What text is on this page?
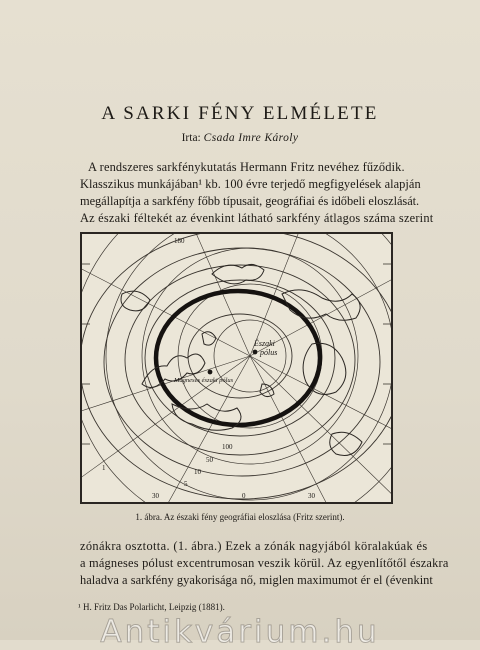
A SARKI FÉNY ELMÉLETE
Irta: Csada Imre Károly
A rendszeres sarkfénykutatás Hermann Fritz nevéhez fűződik.
Klasszikus munkájában¹ kb. 100 évre terjedő megfigyelések alapján
megállapítja a sarkfény főbb típusait, geográfiai és időbeli eloszlását.
Az északi féltekét az évenkint látható sarkfény átlagos száma szerint
Északi
pólus
Mágneses északi pólus
180
30	0	30
100
50
10
5
1
1. ábra. Az északi fény geográfiai eloszlása (Fritz szerint).
zónákra osztotta. (1. ábra.) Ezek a zónák nagyjából köralakúak és
a mágneses pólust excentrumosan veszik körül. Az egyenlítőtől északra
haladva a sarkfény gyakorisága nő, miglen maximumot ér el (évenkint
¹ H. Fritz Das Polarlicht, Leipzig (1881).
Antikvárium.hu
